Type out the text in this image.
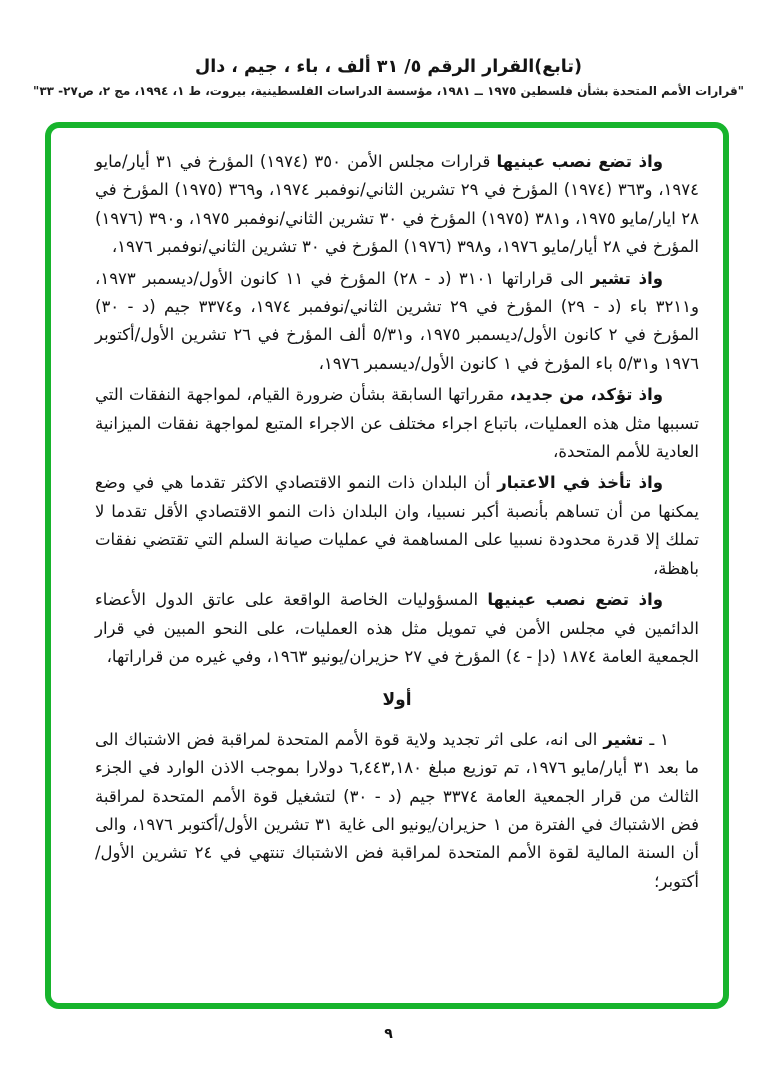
(تابع)القرار الرقم ٥/ ٣١ ألف ، باء ، جيم ، دال
"قرارات الأمم المتحدة بشأن فلسطين ١٩٧٥ ــ ١٩٨١، مؤسسة الدراسات الفلسطينية، بيروت، ط ١، ١٩٩٤، مج ٢، ص٢٧- ٣٣"

واذ تضع نصب عينيها قرارات مجلس الأمن ٣٥٠ (١٩٧٤) المؤرخ في ٣١ أيار/مايو ١٩٧٤، و٣٦٣ (١٩٧٤) المؤرخ في ٢٩ تشرين الثاني/نوفمبر ١٩٧٤، و٣٦٩ (١٩٧٥) المؤرخ في ٢٨ ايار/مايو ١٩٧٥، و٣٨١ (١٩٧٥) المؤرخ في ٣٠ تشرين الثاني/نوفمبر ١٩٧٥، و٣٩٠ (١٩٧٦) المؤرخ في ٢٨ أيار/مايو ١٩٧٦، و٣٩٨ (١٩٧٦) المؤرخ في ٣٠ تشرين الثاني/نوفمبر ١٩٧٦،

واذ تشير الى قراراتها ٣١٠١ (د - ٢٨) المؤرخ في ١١ كانون الأول/ديسمبر ١٩٧٣، و٣٢١١ باء (د - ٢٩) المؤرخ في ٢٩ تشرين الثاني/نوفمبر ١٩٧٤، و٣٣٧٤ جيم (د - ٣٠) المؤرخ في ٢ كانون الأول/ديسمبر ١٩٧٥، و٥/٣١ ألف المؤرخ في ٢٦ تشرين الأول/أكتوبر ١٩٧٦ و٥/٣١ باء المؤرخ في ١ كانون الأول/ديسمبر ١٩٧٦،

واذ تؤكد، من جديد، مقرراتها السابقة بشأن ضرورة القيام، لمواجهة النفقات التي تسببها مثل هذه العمليات، باتباع اجراء مختلف عن الاجراء المتبع لمواجهة نفقات الميزانية العادية للأمم المتحدة،

واذ تأخذ في الاعتبار أن البلدان ذات النمو الاقتصادي الاكثر تقدما هي في وضع يمكنها من أن تساهم بأنصبة أكبر نسبيا، وان البلدان ذات النمو الاقتصادي الأقل تقدما لا تملك إلا قدرة محدودة نسبيا على المساهمة في عمليات صيانة السلم التي تقتضي نفقات باهظة،

واذ تضع نصب عينيها المسؤوليات الخاصة الواقعة على عاتق الدول الأعضاء الدائمين في مجلس الأمن في تمويل مثل هذه العمليات، على النحو المبين في قرار الجمعية العامة ١٨٧٤ (دإ - ٤) المؤرخ في ٢٧ حزيران/يونيو ١٩٦٣، وفي غيره من قراراتها،

أولا

١ ـ تشير الى انه، على اثر تجديد ولاية قوة الأمم المتحدة لمراقبة فض الاشتباك الى ما بعد ٣١ أيار/مايو ١٩٧٦، تم توزيع مبلغ ٦,٤٤٣,١٨٠ دولارا بموجب الاذن الوارد في الجزء الثالث من قرار الجمعية العامة ٣٣٧٤ جيم (د - ٣٠) لتشغيل قوة الأمم المتحدة لمراقبة فض الاشتباك في الفترة من ١ حزيران/يونيو الى غاية ٣١ تشرين الأول/أكتوبر ١٩٧٦، والى أن السنة المالية لقوة الأمم المتحدة لمراقبة فض الاشتباك تنتهي في ٢٤ تشرين الأول/أكتوبر؛

٩
